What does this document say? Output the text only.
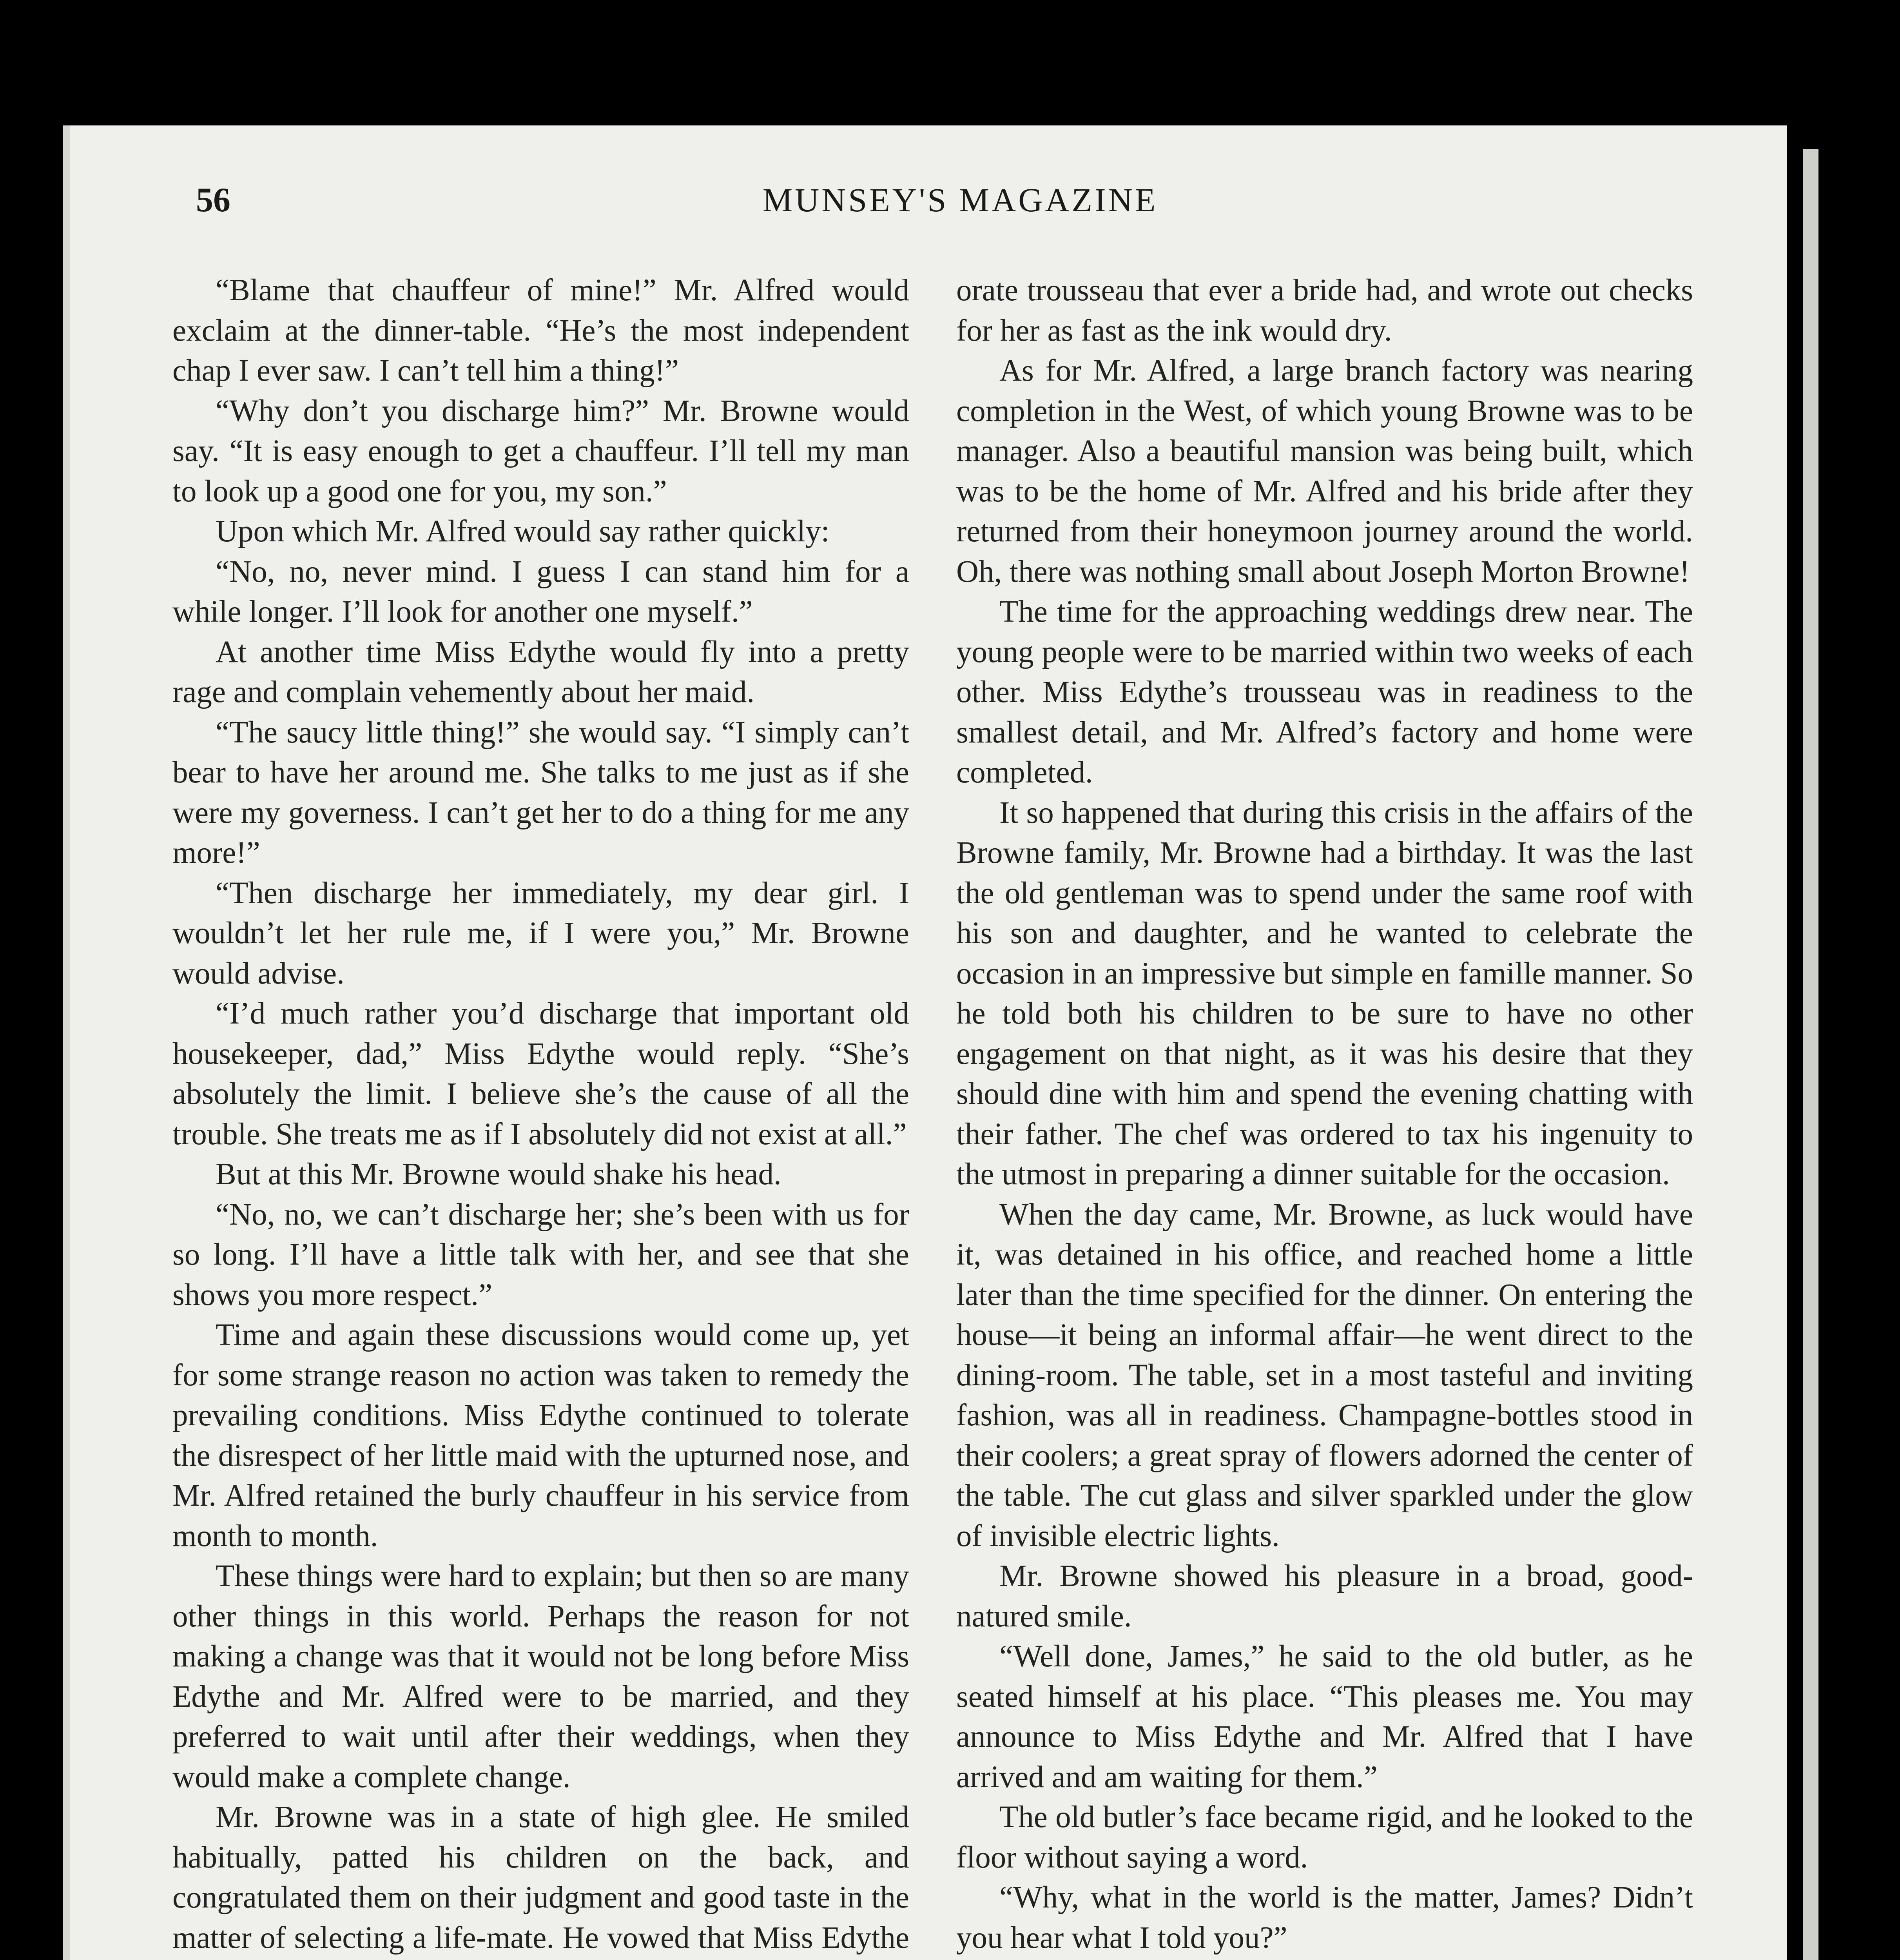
56	MUNSEY'S MAGAZINE

“Blame that chauffeur of mine!” Mr. Alfred would exclaim at the dinner-table. “He’s the most independent chap I ever saw. I can’t tell him a thing!”

“Why don’t you discharge him?” Mr. Browne would say. “It is easy enough to get a chauffeur. I’ll tell my man to look up a good one for you, my son.”

Upon which Mr. Alfred would say rather quickly:

“No, no, never mind. I guess I can stand him for a while longer. I’ll look for another one myself.”

At another time Miss Edythe would fly into a pretty rage and complain vehemently about her maid.

“The saucy little thing!” she would say. “I simply can’t bear to have her around me. She talks to me just as if she were my governess. I can’t get her to do a thing for me any more!”

“Then discharge her immediately, my dear girl. I wouldn’t let her rule me, if I were you,” Mr. Browne would advise.

“I’d much rather you’d discharge that important old housekeeper, dad,” Miss Edythe would reply. “She’s absolutely the limit. I believe she’s the cause of all the trouble. She treats me as if I absolutely did not exist at all.”

But at this Mr. Browne would shake his head.

“No, no, we can’t discharge her; she’s been with us for so long. I’ll have a little talk with her, and see that she shows you more respect.”

Time and again these discussions would come up, yet for some strange reason no action was taken to remedy the prevailing conditions. Miss Edythe continued to tolerate the disrespect of her little maid with the upturned nose, and Mr. Alfred retained the burly chauffeur in his service from month to month.

These things were hard to explain; but then so are many other things in this world. Perhaps the reason for not making a change was that it would not be long before Miss Edythe and Mr. Alfred were to be married, and they preferred to wait until after their weddings, when they would make a complete change.

Mr. Browne was in a state of high glee. He smiled habitually, patted his children on the back, and congratulated them on their judgment and good taste in the matter of selecting a life-mate. He vowed that Miss Edythe

orate trousseau that ever a bride had, and wrote out checks for her as fast as the ink would dry.

As for Mr. Alfred, a large branch factory was nearing completion in the West, of which young Browne was to be manager. Also a beautiful mansion was being built, which was to be the home of Mr. Alfred and his bride after they returned from their honeymoon journey around the world. Oh, there was nothing small about Joseph Morton Browne!

The time for the approaching weddings drew near. The young people were to be married within two weeks of each other. Miss Edythe’s trousseau was in readiness to the smallest detail, and Mr. Alfred’s factory and home were completed.

It so happened that during this crisis in the affairs of the Browne family, Mr. Browne had a birthday. It was the last the old gentleman was to spend under the same roof with his son and daughter, and he wanted to celebrate the occasion in an impressive but simple en famille manner. So he told both his children to be sure to have no other engagement on that night, as it was his desire that they should dine with him and spend the evening chatting with their father. The chef was ordered to tax his ingenuity to the utmost in preparing a dinner suitable for the occasion.

When the day came, Mr. Browne, as luck would have it, was detained in his office, and reached home a little later than the time specified for the dinner. On entering the house—it being an informal affair—he went direct to the dining-room. The table, set in a most tasteful and inviting fashion, was all in readiness. Champagne-bottles stood in their coolers; a great spray of flowers adorned the center of the table. The cut glass and silver sparkled under the glow of invisible electric lights.

Mr. Browne showed his pleasure in a broad, good-natured smile.

“Well done, James,” he said to the old butler, as he seated himself at his place. “This pleases me. You may announce to Miss Edythe and Mr. Alfred that I have arrived and am waiting for them.”

The old butler’s face became rigid, and he looked to the floor without saying a word.

“Why, what in the world is the matter, James? Didn’t you hear what I told you?”
